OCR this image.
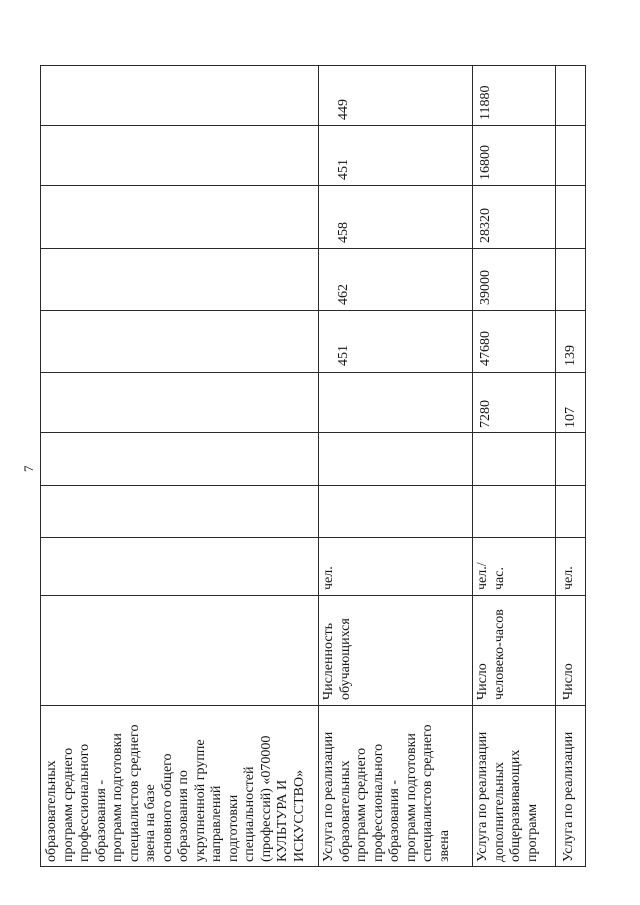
7
образовательных
программ среднего
профессионального
образования -
программ подготовки
специалистов среднего
звена на базе
основного общего
образования по
укрупненной группе
направлений
подготовки
специальностей
(профессий) «070000
КУЛЬТУРА И
ИСКУССТВО» Услуга по реализации
образовательных
программ среднего
профессионального
образования -
программ подготовки
специалистов среднего
звена
Численность
обучающихся
чел.
451
462
458
451
449
Услуга по реализации
дополнительных
общеразвивающих
программ
Число
человеко-часов
чел./
час.
7280
47680
39000
28320
16800
11880
Услуга по реализации
Число
чел.
107
139
